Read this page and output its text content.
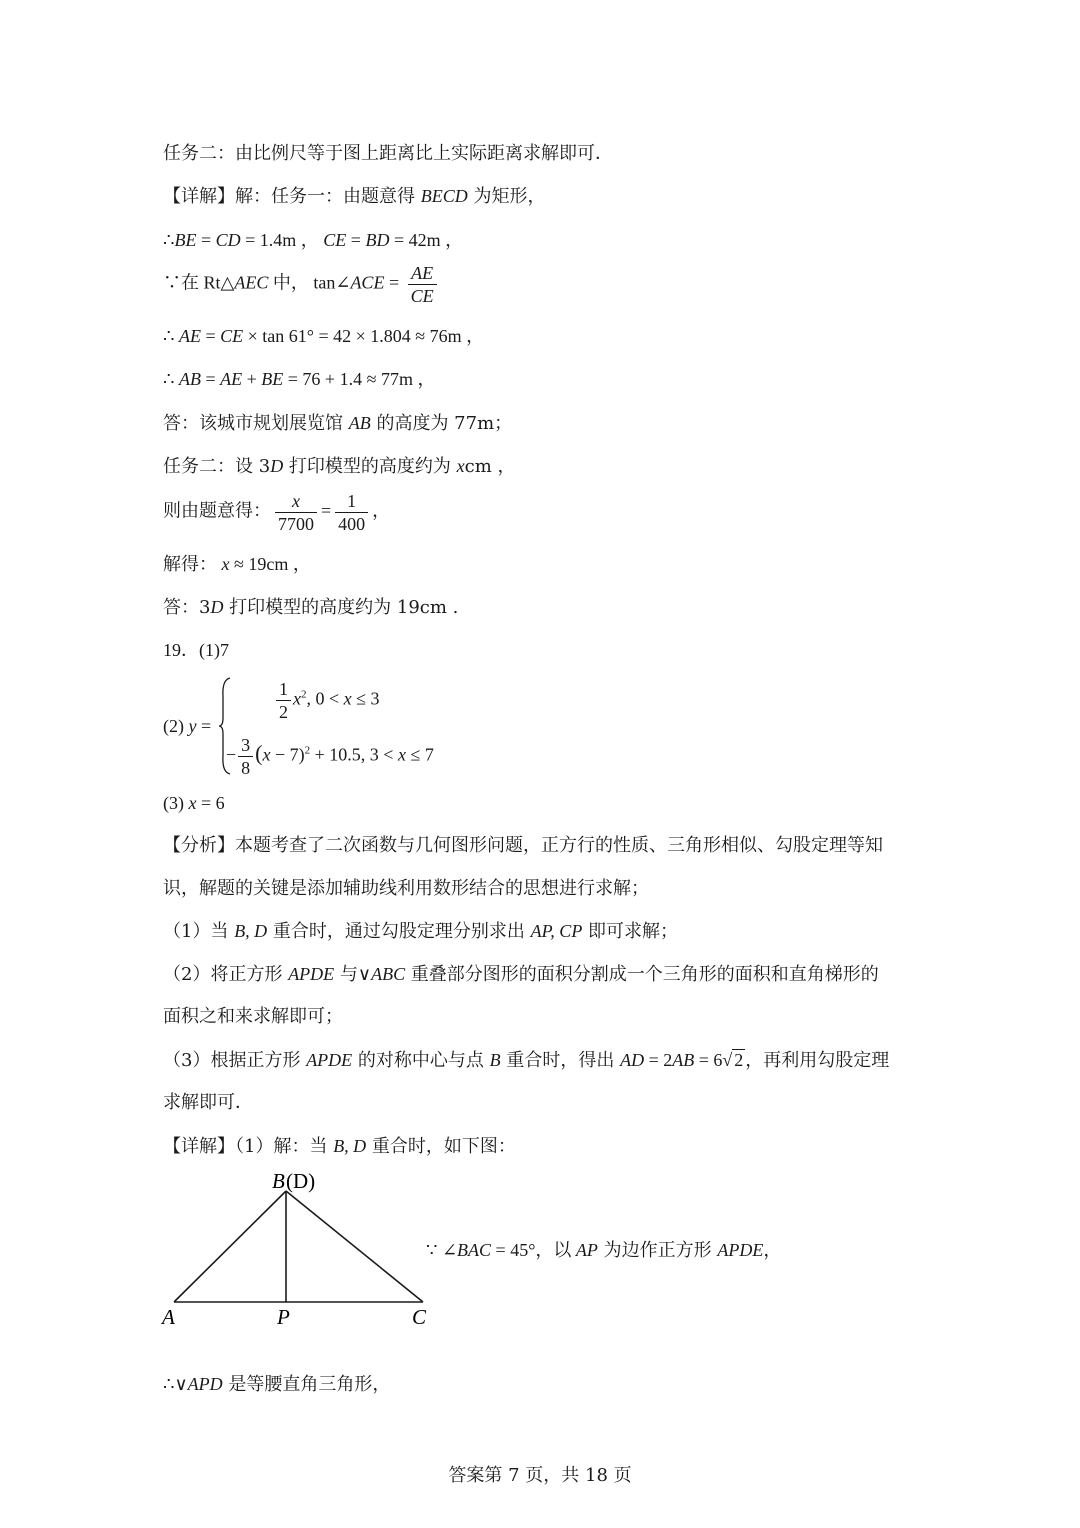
任务二：由比例尺等于图上距离比上实际距离求解即可．
【详解】解：任务一：由题意得 BECD 为矩形，
∴BE = CD = 1.4m ， CE = BD = 42m ，
∵在 Rt△AEC 中， tan∠ACE = $\frac{AE}{CE}$
∴ AE = CE × tan 61° = 42 × 1.804 ≈ 76m ，
∴ AB = AE + BE = 76 + 1.4 ≈ 77m ，
答：该城市规划展览馆 AB 的高度为 77m；
任务二：设 3D 打印模型的高度约为 xcm ，
则由题意得： $\frac{x}{7700} = \frac{1}{400}$ ，
解得： x ≈ 19cm ，
答：3D 打印模型的高度约为 19cm .
19．(1)7
(2) y =
$\frac{1}{2} x^2$, 0 < x ≤ 3
− $\frac{3}{8} (x - 7)^2 + 10.5$, 3 < x ≤ 7
(3) x = 6
【分析】本题考查了二次函数与几何图形问题，正方行的性质、三角形相似、勾股定理等知
识，解题的关键是添加辅助线利用数形结合的思想进行求解；
（1）当 B, D 重合时，通过勾股定理分别求出 AP, CP 即可求解；
（2）将正方形 APDE 与∨ABC 重叠部分图形的面积分割成一个三角形的面积和直角梯形的
面积之和来求解即可；
（3）根据正方形 APDE 的对称中心与点 B 重合时，得出 AD = 2AB = 6√ 2 ，再利用勾股定理
求解即可．
【详解】（1）解：当 B, D 重合时，如下图：
B (D)
A	P	C
∵ ∠BAC = 45°，以 AP 为边作正方形 APDE，
∴∨APD 是等腰直角三角形，
答案第 7 页，共 18 页
